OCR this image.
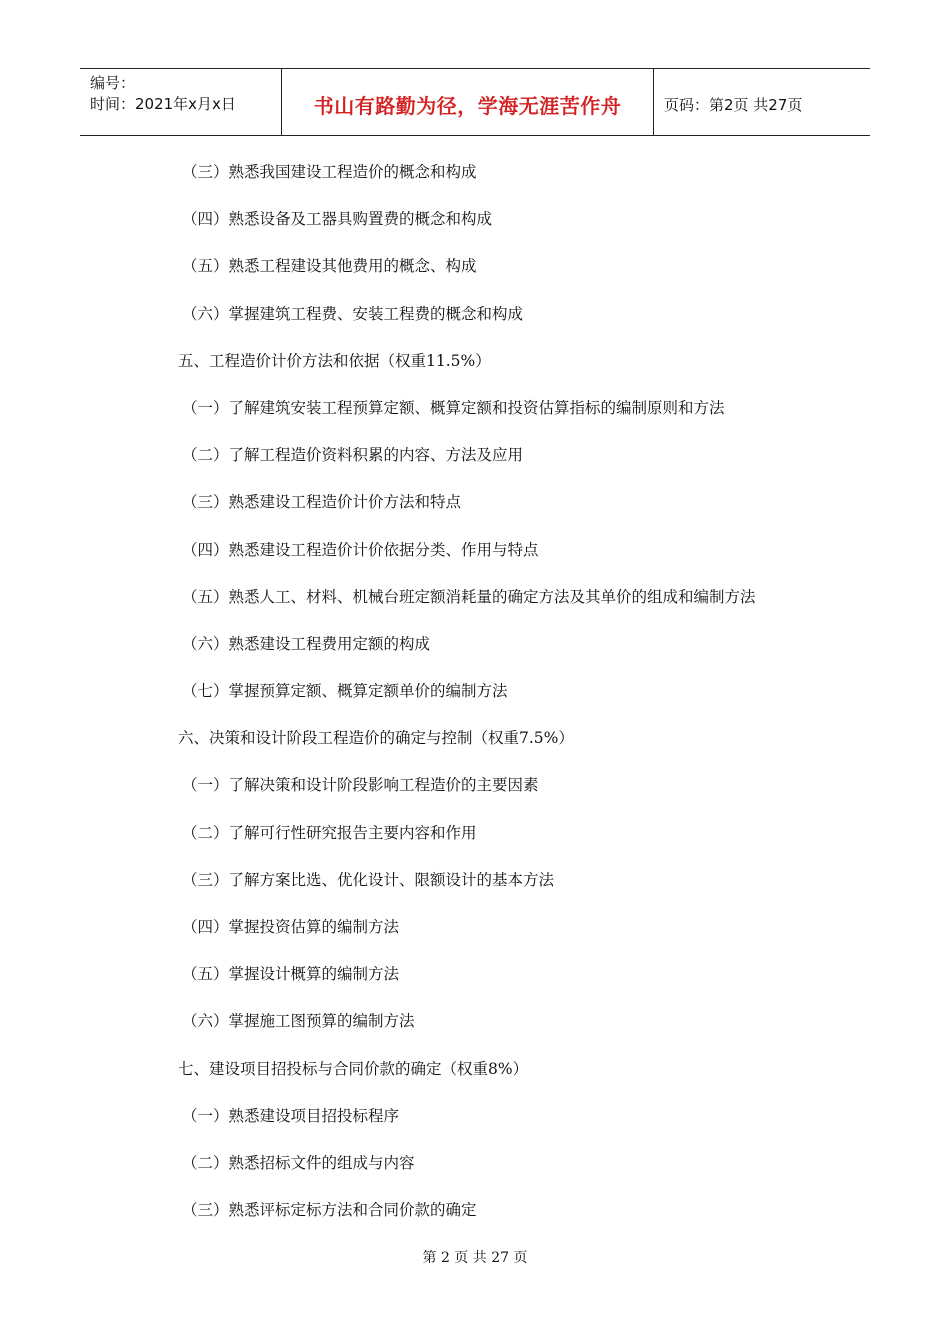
编号：
时间：2021年x月x日	书山有路勤为径，学海无涯苦作舟	页码：第2页 共27页
（三）熟悉我国建设工程造价的概念和构成
（四）熟悉设备及工器具购置费的概念和构成
（五）熟悉工程建设其他费用的概念、构成
（六）掌握建筑工程费、安装工程费的概念和构成
五、工程造价计价方法和依据（权重11.5%）
（一）了解建筑安装工程预算定额、概算定额和投资估算指标的编制原则和方法
（二）了解工程造价资料积累的内容、方法及应用
（三）熟悉建设工程造价计价方法和特点
（四）熟悉建设工程造价计价依据分类、作用与特点
（五）熟悉人工、材料、机械台班定额消耗量的确定方法及其单价的组成和编制方法
（六）熟悉建设工程费用定额的构成
（七）掌握预算定额、概算定额单价的编制方法
六、决策和设计阶段工程造价的确定与控制（权重7.5%）
（一）了解决策和设计阶段影响工程造价的主要因素
（二）了解可行性研究报告主要内容和作用
（三）了解方案比选、优化设计、限额设计的基本方法
（四）掌握投资估算的编制方法
（五）掌握设计概算的编制方法
（六）掌握施工图预算的编制方法
七、建设项目招投标与合同价款的确定（权重8%）
（一）熟悉建设项目招投标程序
（二）熟悉招标文件的组成与内容
（三）熟悉评标定标方法和合同价款的确定
第 2 页 共 27 页
